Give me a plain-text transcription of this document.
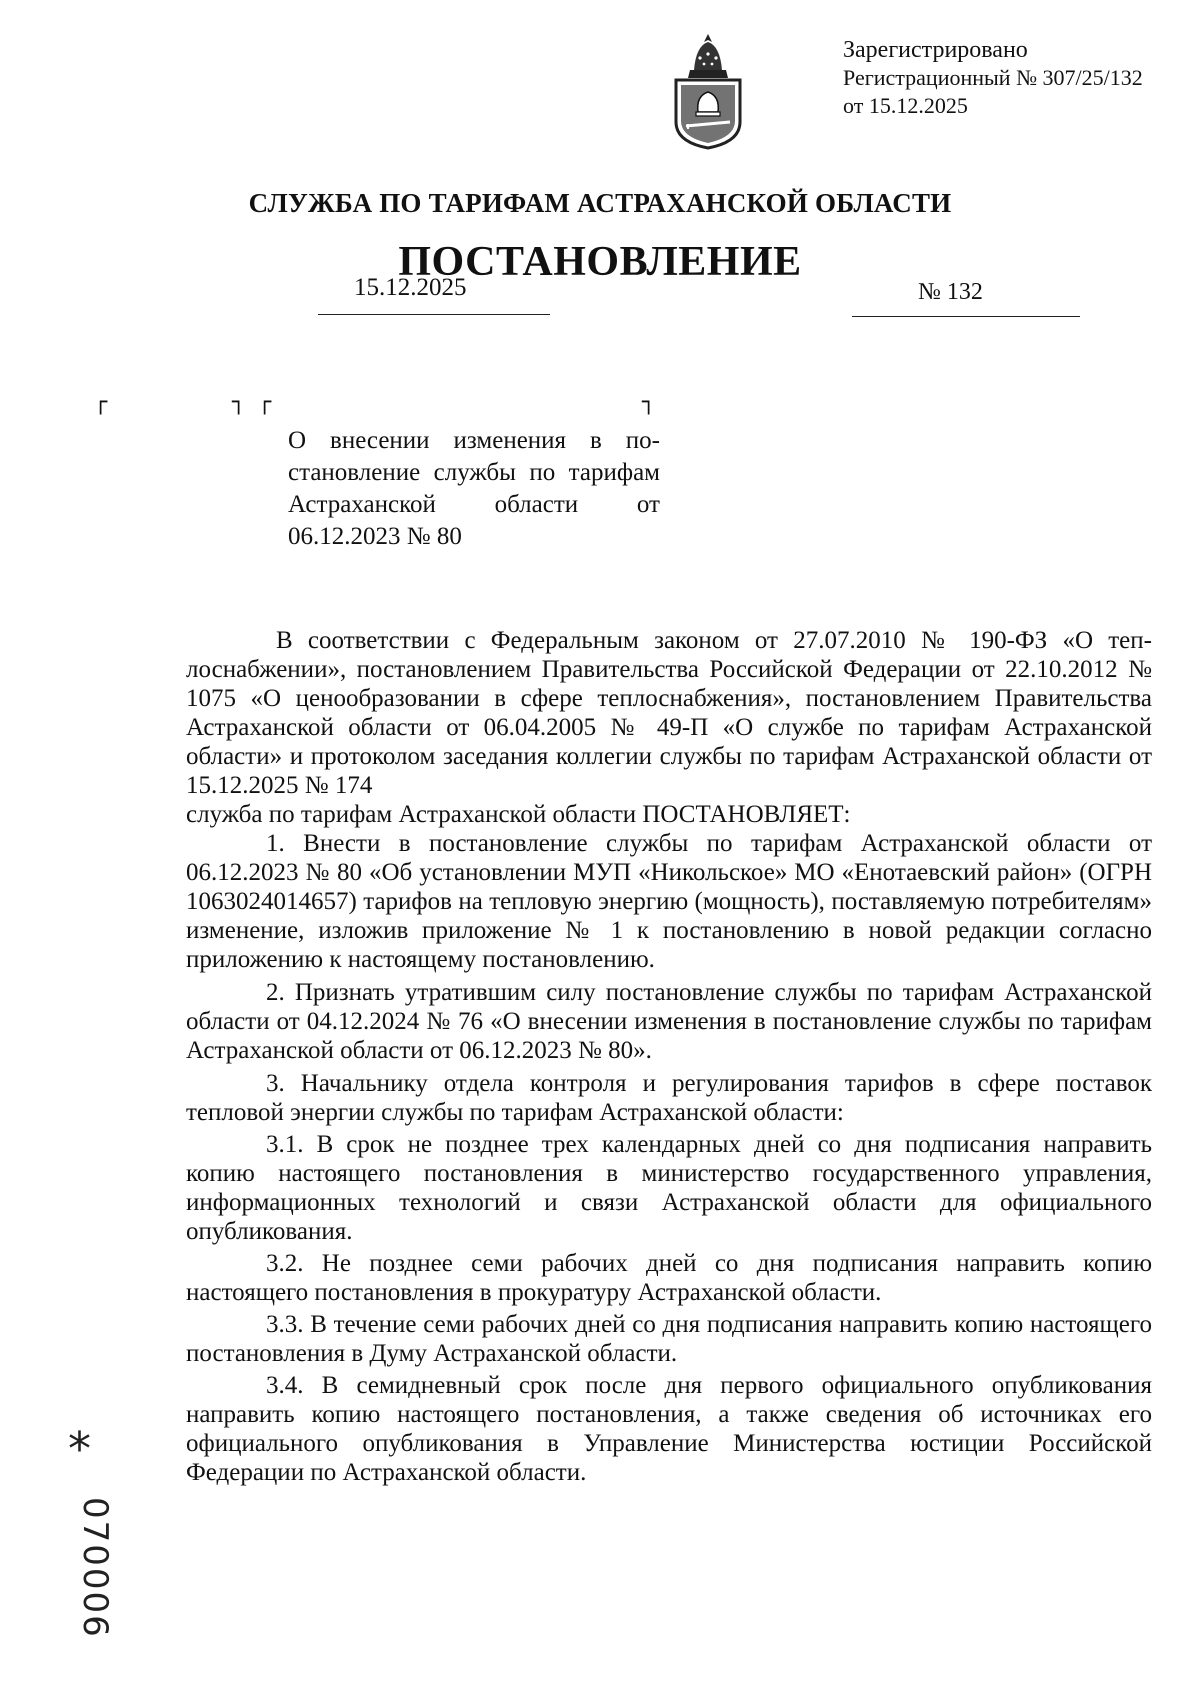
Зарегистрировано
Регистрационный № 307/25/132
от 15.12.2025
СЛУЖБА ПО ТАРИФАМ АСТРАХАНСКОЙ ОБЛАСТИ
ПОСТАНОВЛЕНИЕ
15.12.2025	№ 132
┌	┐ ┌	┐
О внесении изменения в постановление службы по тарифам Астраханской области от 06.12.2023 № 80

В соответствии с Федеральным законом от 27.07.2010 № 190-ФЗ «О теплоснабжении», постановлением Правительства Российской Федерации от 22.10.2012 № 1075 «О ценообразовании в сфере теплоснабжения», постановлением Правительства Астраханской области от 06.04.2005 № 49-П «О службе по тарифам Астраханской области» и протоколом заседания коллегии службы по тарифам Астраханской области от 15.12.2025 № 174

служба по тарифам Астраханской области ПОСТАНОВЛЯЕТ:

1. Внести в постановление службы по тарифам Астраханской области от 06.12.2023 № 80 «Об установлении МУП «Никольское» МО «Енотаевский район» (ОГРН 1063024014657) тарифов на тепловую энергию (мощность), поставляемую потребителям» изменение, изложив приложение № 1 к постановлению в новой редакции согласно приложению к настоящему постановлению.

2. Признать утратившим силу постановление службы по тарифам Астраханской области от 04.12.2024 № 76 «О внесении изменения в постановление службы по тарифам Астраханской области от 06.12.2023 № 80».

3. Начальнику отдела контроля и регулирования тарифов в сфере поставок тепловой энергии службы по тарифам Астраханской области:

3.1. В срок не позднее трех календарных дней со дня подписания направить копию настоящего постановления в министерство государственного управления, информационных технологий и связи Астраханской области для официального опубликования.

3.2. Не позднее семи рабочих дней со дня подписания направить копию настоящего постановления в прокуратуру Астраханской области.

3.3. В течение семи рабочих дней со дня подписания направить копию настоящего постановления в Думу Астраханской области.

3.4. В семидневный срок после дня первого официального опубликования направить копию настоящего постановления, а также сведения об источниках его официального опубликования в Управление Министерства юстиции Российской Федерации по Астраханской области.

*
070006
